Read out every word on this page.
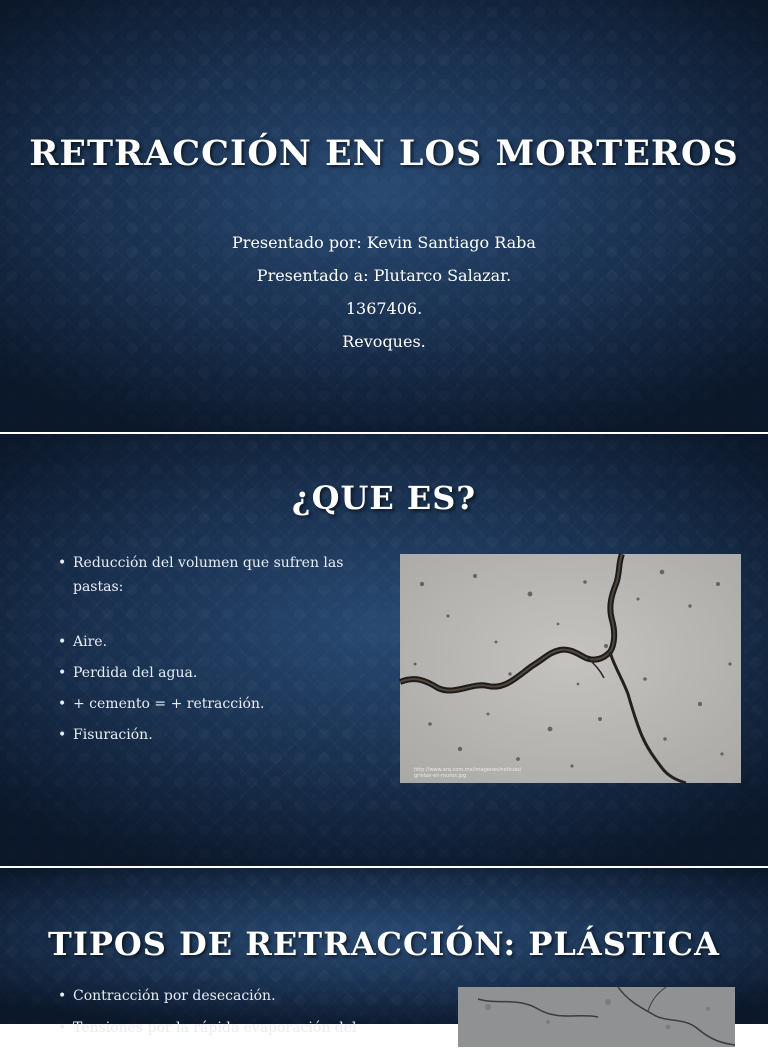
RETRACCIÓN EN LOS MORTEROS
Presentado por: Kevin Santiago Raba
Presentado a: Plutarco Salazar.
1367406.
Revoques.
¿QUE ES?
• Reducción del volumen que sufren las pastas:
• Aire.
• Perdida del agua.
• + cemento = + retracción.
• Fisuración.
http://www.arq.com.mx/imagenes/noticias/grietas-en-muros.jpg
TIPOS DE RETRACCIÓN: PLÁSTICA
• Contracción por desecación.
• Tensiones por la rápida evaporación del
